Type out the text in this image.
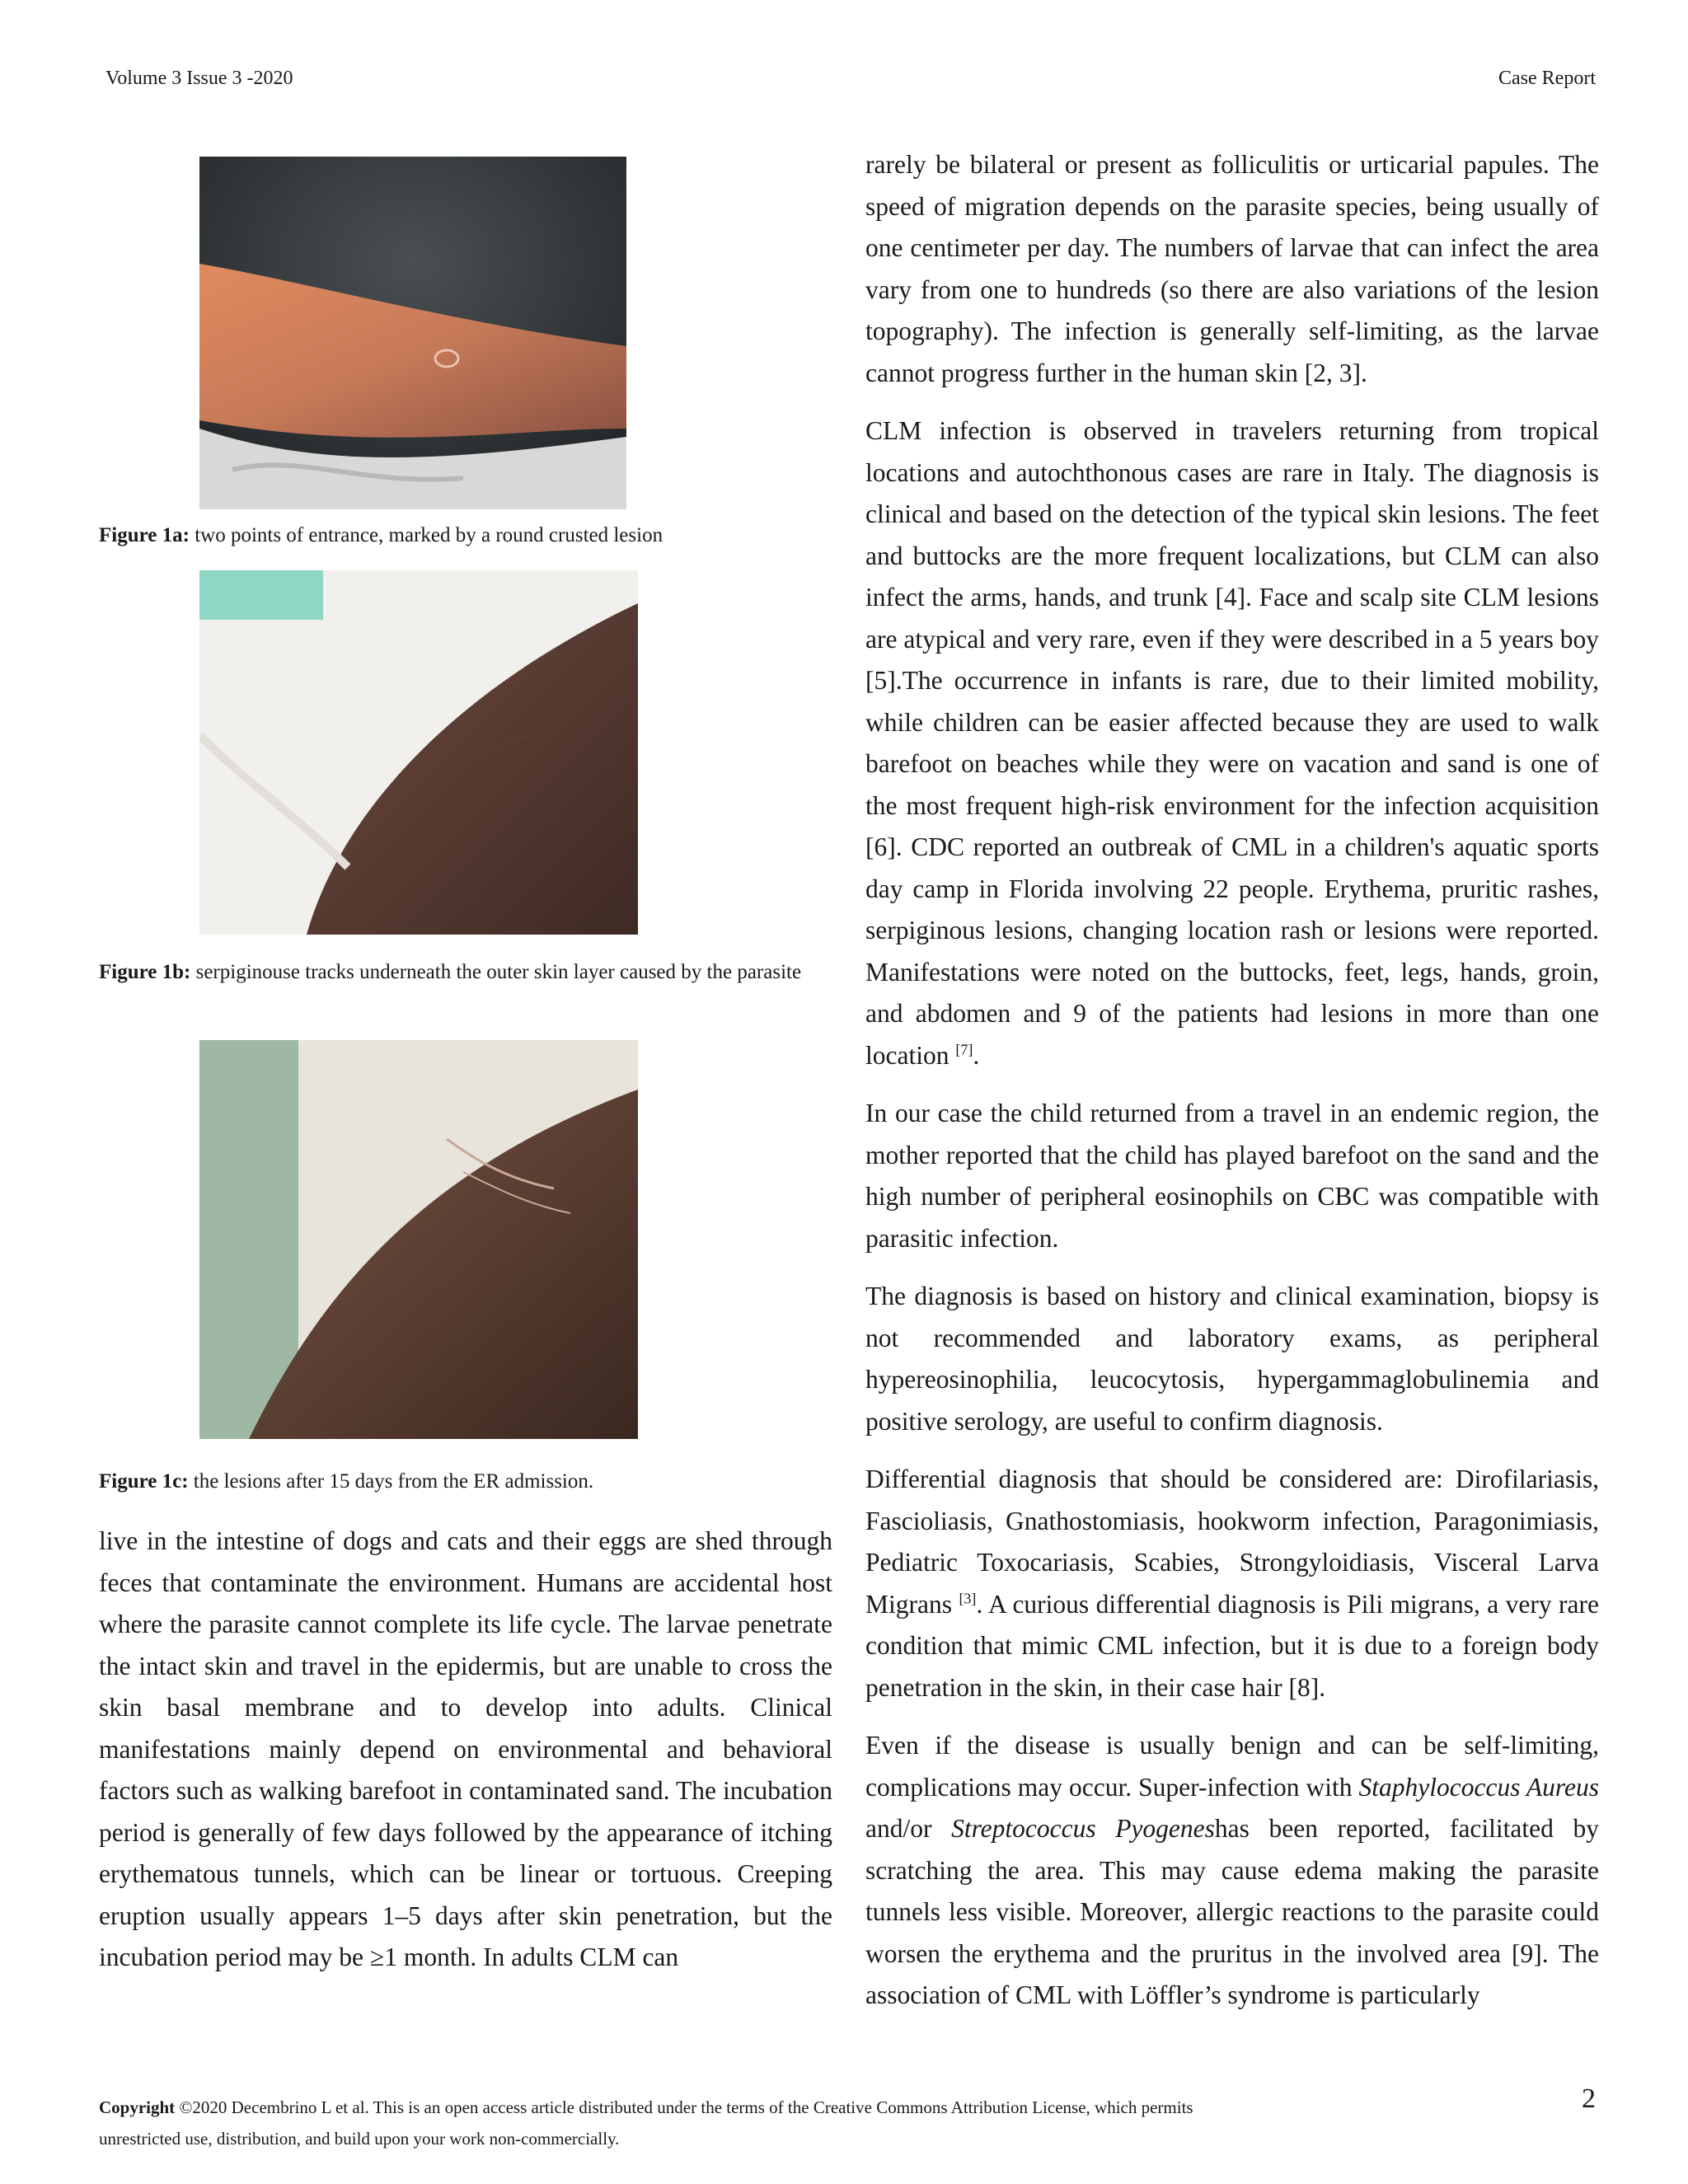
Volume 3 Issue 3 -2020	Case Report
Figure 1a: two points of entrance, marked by a round crusted lesion
Figure 1b: serpiginouse tracks underneath the outer skin layer caused by the parasite
Figure 1c: the lesions after 15 days from the ER admission.

live in the intestine of dogs and cats and their eggs are shed through feces that contaminate the environment. Humans are accidental host where the parasite cannot complete its life cycle. The larvae penetrate the intact skin and travel in the epidermis, but are unable to cross the skin basal membrane and to develop into adults. Clinical manifestations mainly depend on environmental and behavioral factors such as walking barefoot in contaminated sand. The incubation period is generally of few days followed by the appearance of itching erythematous tunnels, which can be linear or tortuous. Creeping eruption usually appears 1–5 days after skin penetration, but the incubation period may be ≥1 month. In adults CLM can

rarely be bilateral or present as folliculitis or urticarial papules. The speed of migration depends on the parasite species, being usually of one centimeter per day. The numbers of larvae that can infect the area vary from one to hundreds (so there are also variations of the lesion topography). The infection is generally self-limiting, as the larvae cannot progress further in the human skin [2, 3].

CLM infection is observed in travelers returning from tropical locations and autochthonous cases are rare in Italy. The diagnosis is clinical and based on the detection of the typical skin lesions. The feet and buttocks are the more frequent localizations, but CLM can also infect the arms, hands, and trunk [4]. Face and scalp site CLM lesions are atypical and very rare, even if they were described in a 5 years boy [5].The occurrence in infants is rare, due to their limited mobility, while children can be easier affected because they are used to walk barefoot on beaches while they were on vacation and sand is one of the most frequent high-risk environment for the infection acquisition [6]. CDC reported an outbreak of CML in a children's aquatic sports day camp in Florida involving 22 people. Erythema, pruritic rashes, serpiginous lesions, changing location rash or lesions were reported. Manifestations were noted on the buttocks, feet, legs, hands, groin, and abdomen and 9 of the patients had lesions in more than one location [7].

In our case the child returned from a travel in an endemic region, the mother reported that the child has played barefoot on the sand and the high number of peripheral eosinophils on CBC was compatible with parasitic infection.

The diagnosis is based on history and clinical examination, biopsy is not recommended and laboratory exams, as peripheral hypereosinophilia, leucocytosis, hypergammaglobulinemia and positive serology, are useful to confirm diagnosis.

Differential diagnosis that should be considered are: Dirofilariasis, Fascioliasis, Gnathostomiasis, hookworm infection, Paragonimiasis, Pediatric Toxocariasis, Scabies, Strongyloidiasis, Visceral Larva Migrans [3]. A curious differential diagnosis is Pili migrans, a very rare condition that mimic CML infection, but it is due to a foreign body penetration in the skin, in their case hair [8].

Even if the disease is usually benign and can be self-limiting, complications may occur. Super-infection with Staphylococcus Aureus and/or Streptococcus Pyogeneshas been reported, facilitated by scratching the area. This may cause edema making the parasite tunnels less visible. Moreover, allergic reactions to the parasite could worsen the erythema and the pruritus in the involved area [9]. The association of CML with Löffler’s syndrome is particularly

Copyright ©2020 Decembrino L et al. This is an open access article distributed under the terms of the Creative Commons Attribution License, which permits unrestricted use, distribution, and build upon your work non-commercially.
2
